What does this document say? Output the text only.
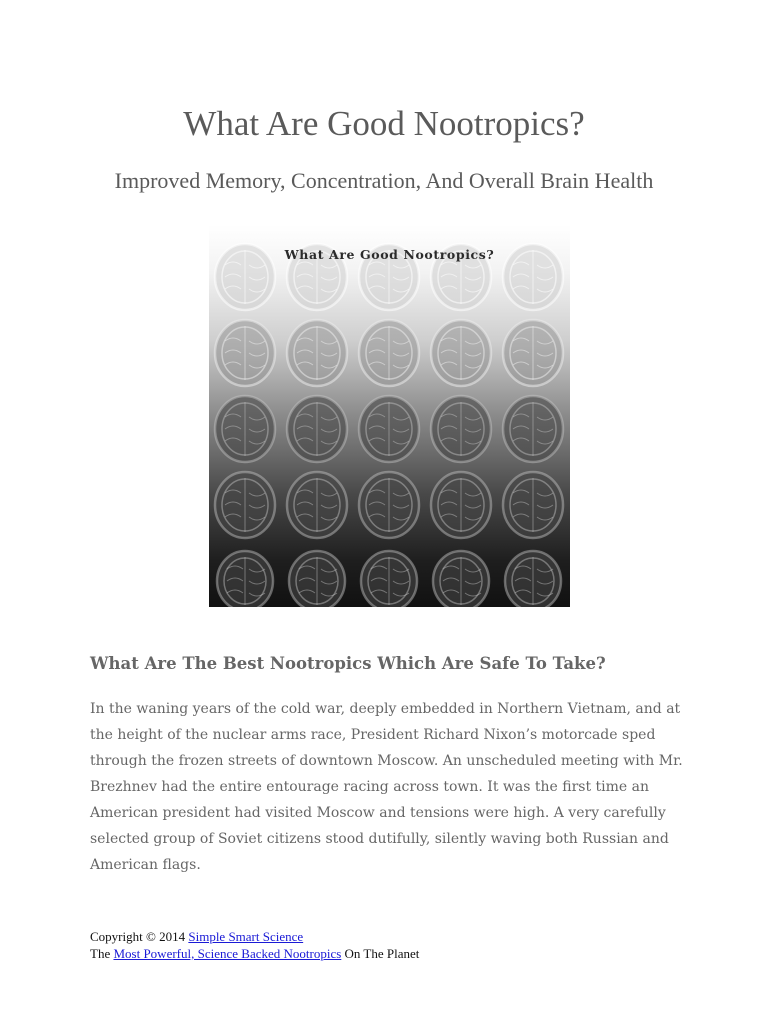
What Are Good Nootropics?
Improved Memory, Concentration, And Overall Brain Health
What Are Good Nootropics?
What Are The Best Nootropics Which Are Safe To Take?

In the waning years of the cold war, deeply embedded in Northern Vietnam, and at the height of the nuclear arms race, President Richard Nixon’s motorcade sped through the frozen streets of downtown Moscow. An unscheduled meeting with Mr. Brezhnev had the entire entourage racing across town. It was the first time an American president had visited Moscow and tensions were high. A very carefully selected group of Soviet citizens stood dutifully, silently waving both Russian and American flags.

Copyright © 2014 Simple Smart Science
The Most Powerful, Science Backed Nootropics On The Planet
